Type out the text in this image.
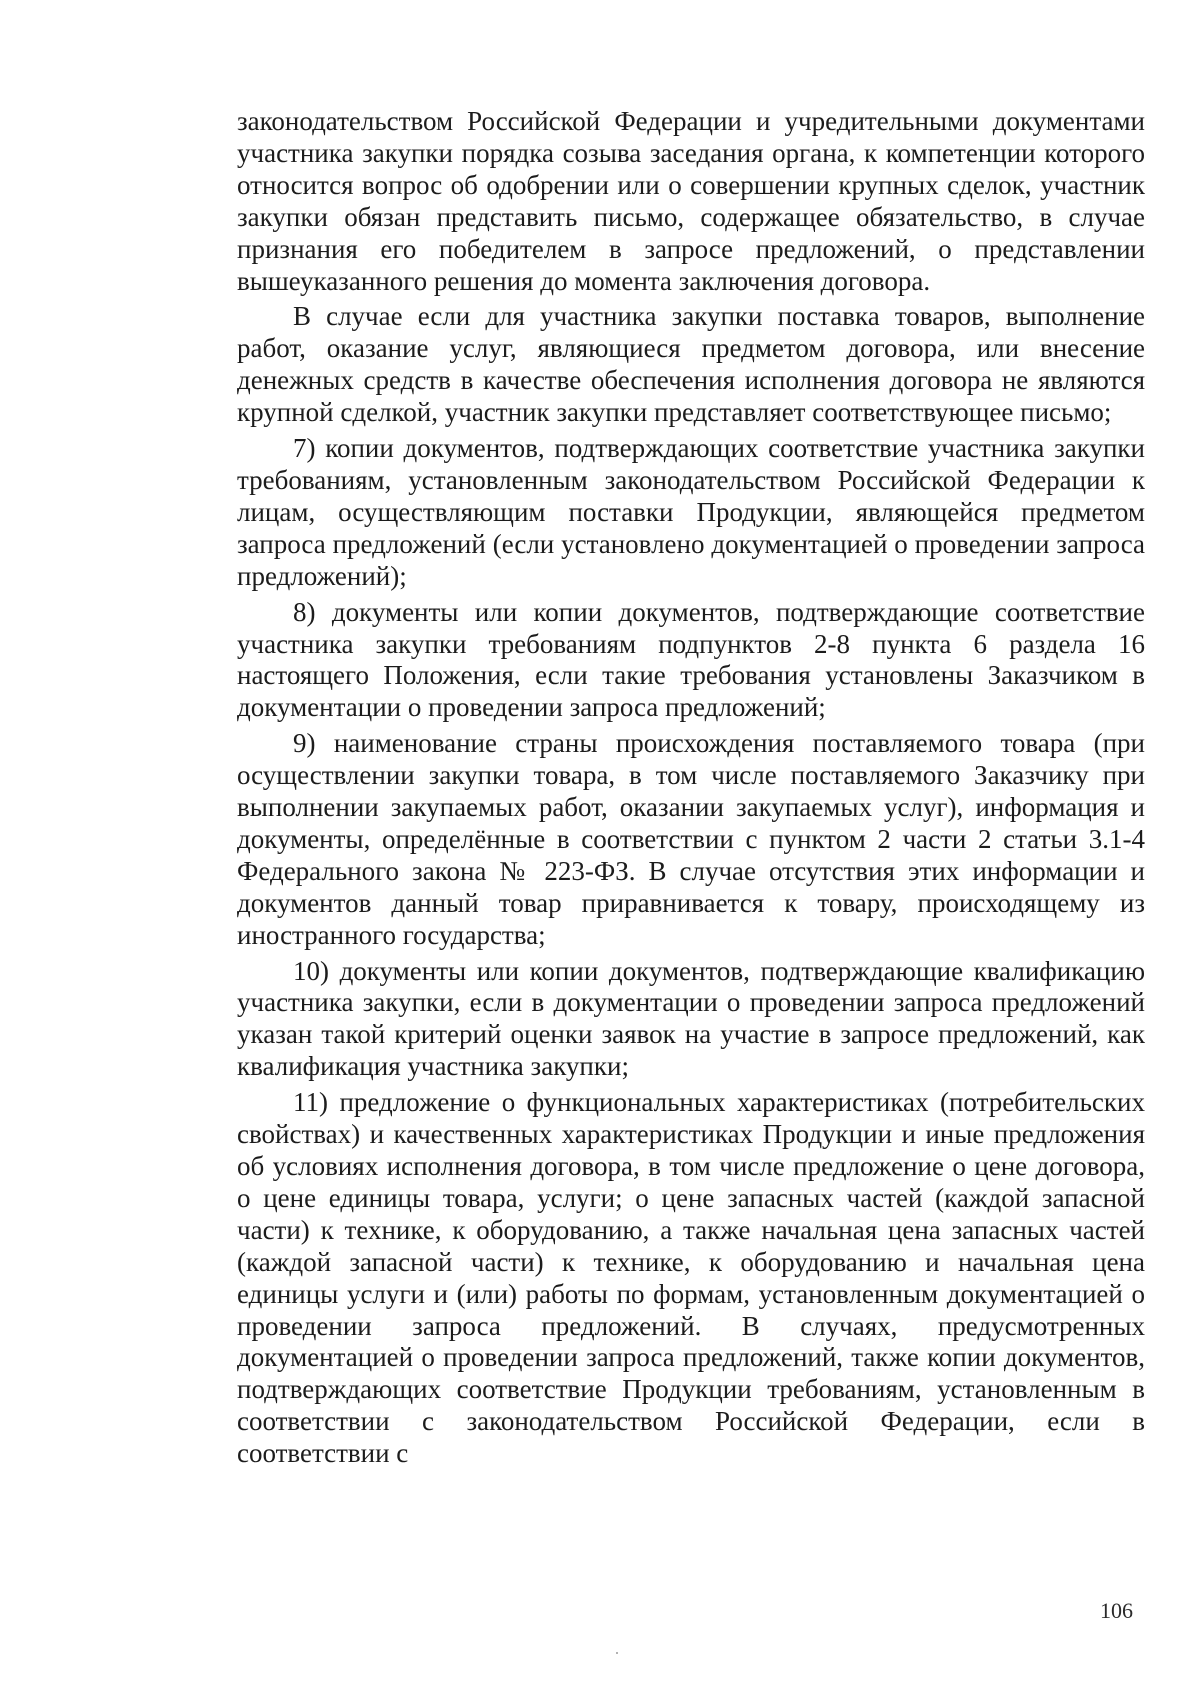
законодательством Российской Федерации и учредительными документами участника закупки порядка созыва заседания органа, к компетенции которого относится вопрос об одобрении или о совершении крупных сделок, участник закупки обязан представить письмо, содержащее обязательство, в случае признания его победителем в запросе предложений, о представлении вышеуказанного решения до момента заключения договора.

В случае если для участника закупки поставка товаров, выполнение работ, оказание услуг, являющиеся предметом договора, или внесение денежных средств в качестве обеспечения исполнения договора не являются крупной сделкой, участник закупки представляет соответствующее письмо;

7) копии документов, подтверждающих соответствие участника закупки требованиям, установленным законодательством Российской Федерации к лицам, осуществляющим поставки Продукции, являющейся предметом запроса предложений (если установлено документацией о проведении запроса предложений);

8) документы или копии документов, подтверждающие соответствие участника закупки требованиям подпунктов 2-8 пункта 6 раздела 16 настоящего Положения, если такие требования установлены Заказчиком в документации о проведении запроса предложений;

9) наименование страны происхождения поставляемого товара (при осуществлении закупки товара, в том числе поставляемого Заказчику при выполнении закупаемых работ, оказании закупаемых услуг), информация и документы, определённые в соответствии с пунктом 2 части 2 статьи 3.1-4 Федерального закона № 223-ФЗ. В случае отсутствия этих информации и документов данный товар приравнивается к товару, происходящему из иностранного государства;

10) документы или копии документов, подтверждающие квалификацию участника закупки, если в документации о проведении запроса предложений указан такой критерий оценки заявок на участие в запросе предложений, как квалификация участника закупки;

11) предложение о функциональных характеристиках (потребительских свойствах) и качественных характеристиках Продукции и иные предложения об условиях исполнения договора, в том числе предложение о цене договора, о цене единицы товара, услуги; о цене запасных частей (каждой запасной части) к технике, к оборудованию, а также начальная цена запасных частей (каждой запасной части) к технике, к оборудованию и начальная цена единицы услуги и (или) работы по формам, установленным документацией о проведении запроса предложений. В случаях, предусмотренных документацией о проведении запроса предложений, также копии документов, подтверждающих соответствие Продукции требованиям, установленным в соответствии с законодательством Российской Федерации, если в соответствии с

106
